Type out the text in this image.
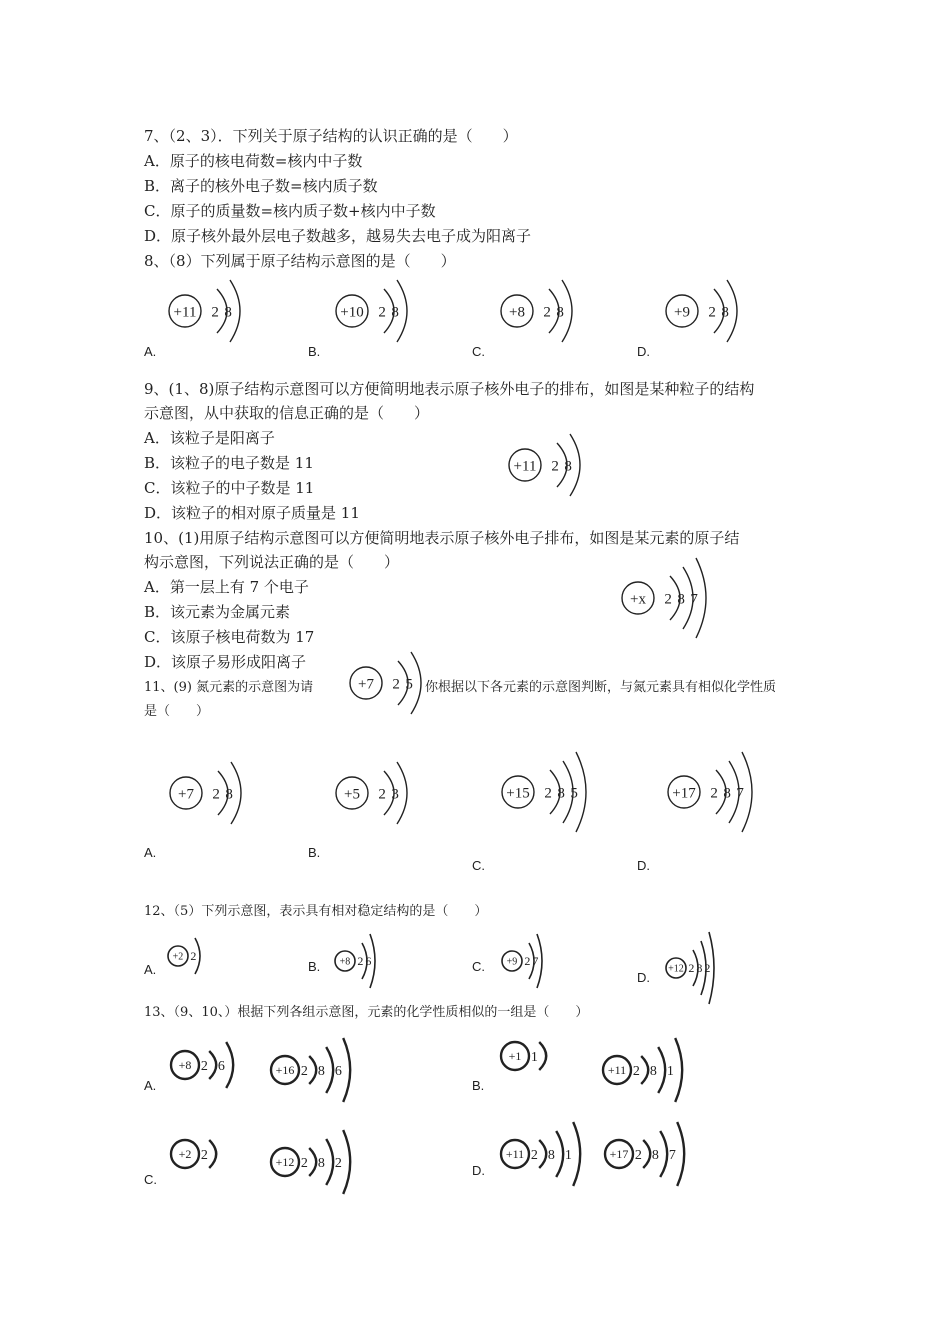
7、（2、3）．下列关于原子结构的认识正确的是（　　）
A．原子的核电荷数=核内中子数
B．离子的核外电子数=核内质子数
C．原子的质量数=核内质子数+核内中子数
D．原子核外最外层电子数越多，越易失去电子成为阳离子
8、（8）下列属于原子结构示意图的是（　　）
+11 2 8
A.
+10 2 8
B.
+8 2 8
C.
+9 2 8
D.
9、(1、8)原子结构示意图可以方便简明地表示原子核外电子的排布，如图是某种粒子的结构
示意图，从中获取的信息正确的是（　　）
A．该粒子是阳离子
B．该粒子的电子数是 11
C．该粒子的中子数是 11
D．该粒子的相对原子质量是 11
+11 2 8
10、(1)用原子结构示意图可以方便简明地表示原子核外电子排布，如图是某元素的原子结
构示意图，下列说法正确的是（　　）
A．第一层上有 7 个电子
B．该元素为金属元素
C．该原子核电荷数为 17
D．该原子易形成阳离子
+x 2 8 7
11、(9) 氮元素的示意图为请	+7 2 5 你根据以下各元素的示意图判断，与氮元素具有相似化学性质
是（　　）
+7 2 8
A.
+5 2 3
B.
+15 2 8 5
C.
+17 2 8 7
D.
12、（5）下列示意图，表示具有相对稳定结构的是（　　）
+2 2
A.	+8 2 6
B.	+9 2 7
C.	+12 2 8 2
D.
13、（9、10、）根据下列各组示意图，元素的化学性质相似的一组是（　　）
+8 2 6	+16 2 8 6
A.
+1 1
+11 2 8 1
B.
+2 2	+12 2 8 2
C.
+11 2 8 1	+17 2 8 7
D.
